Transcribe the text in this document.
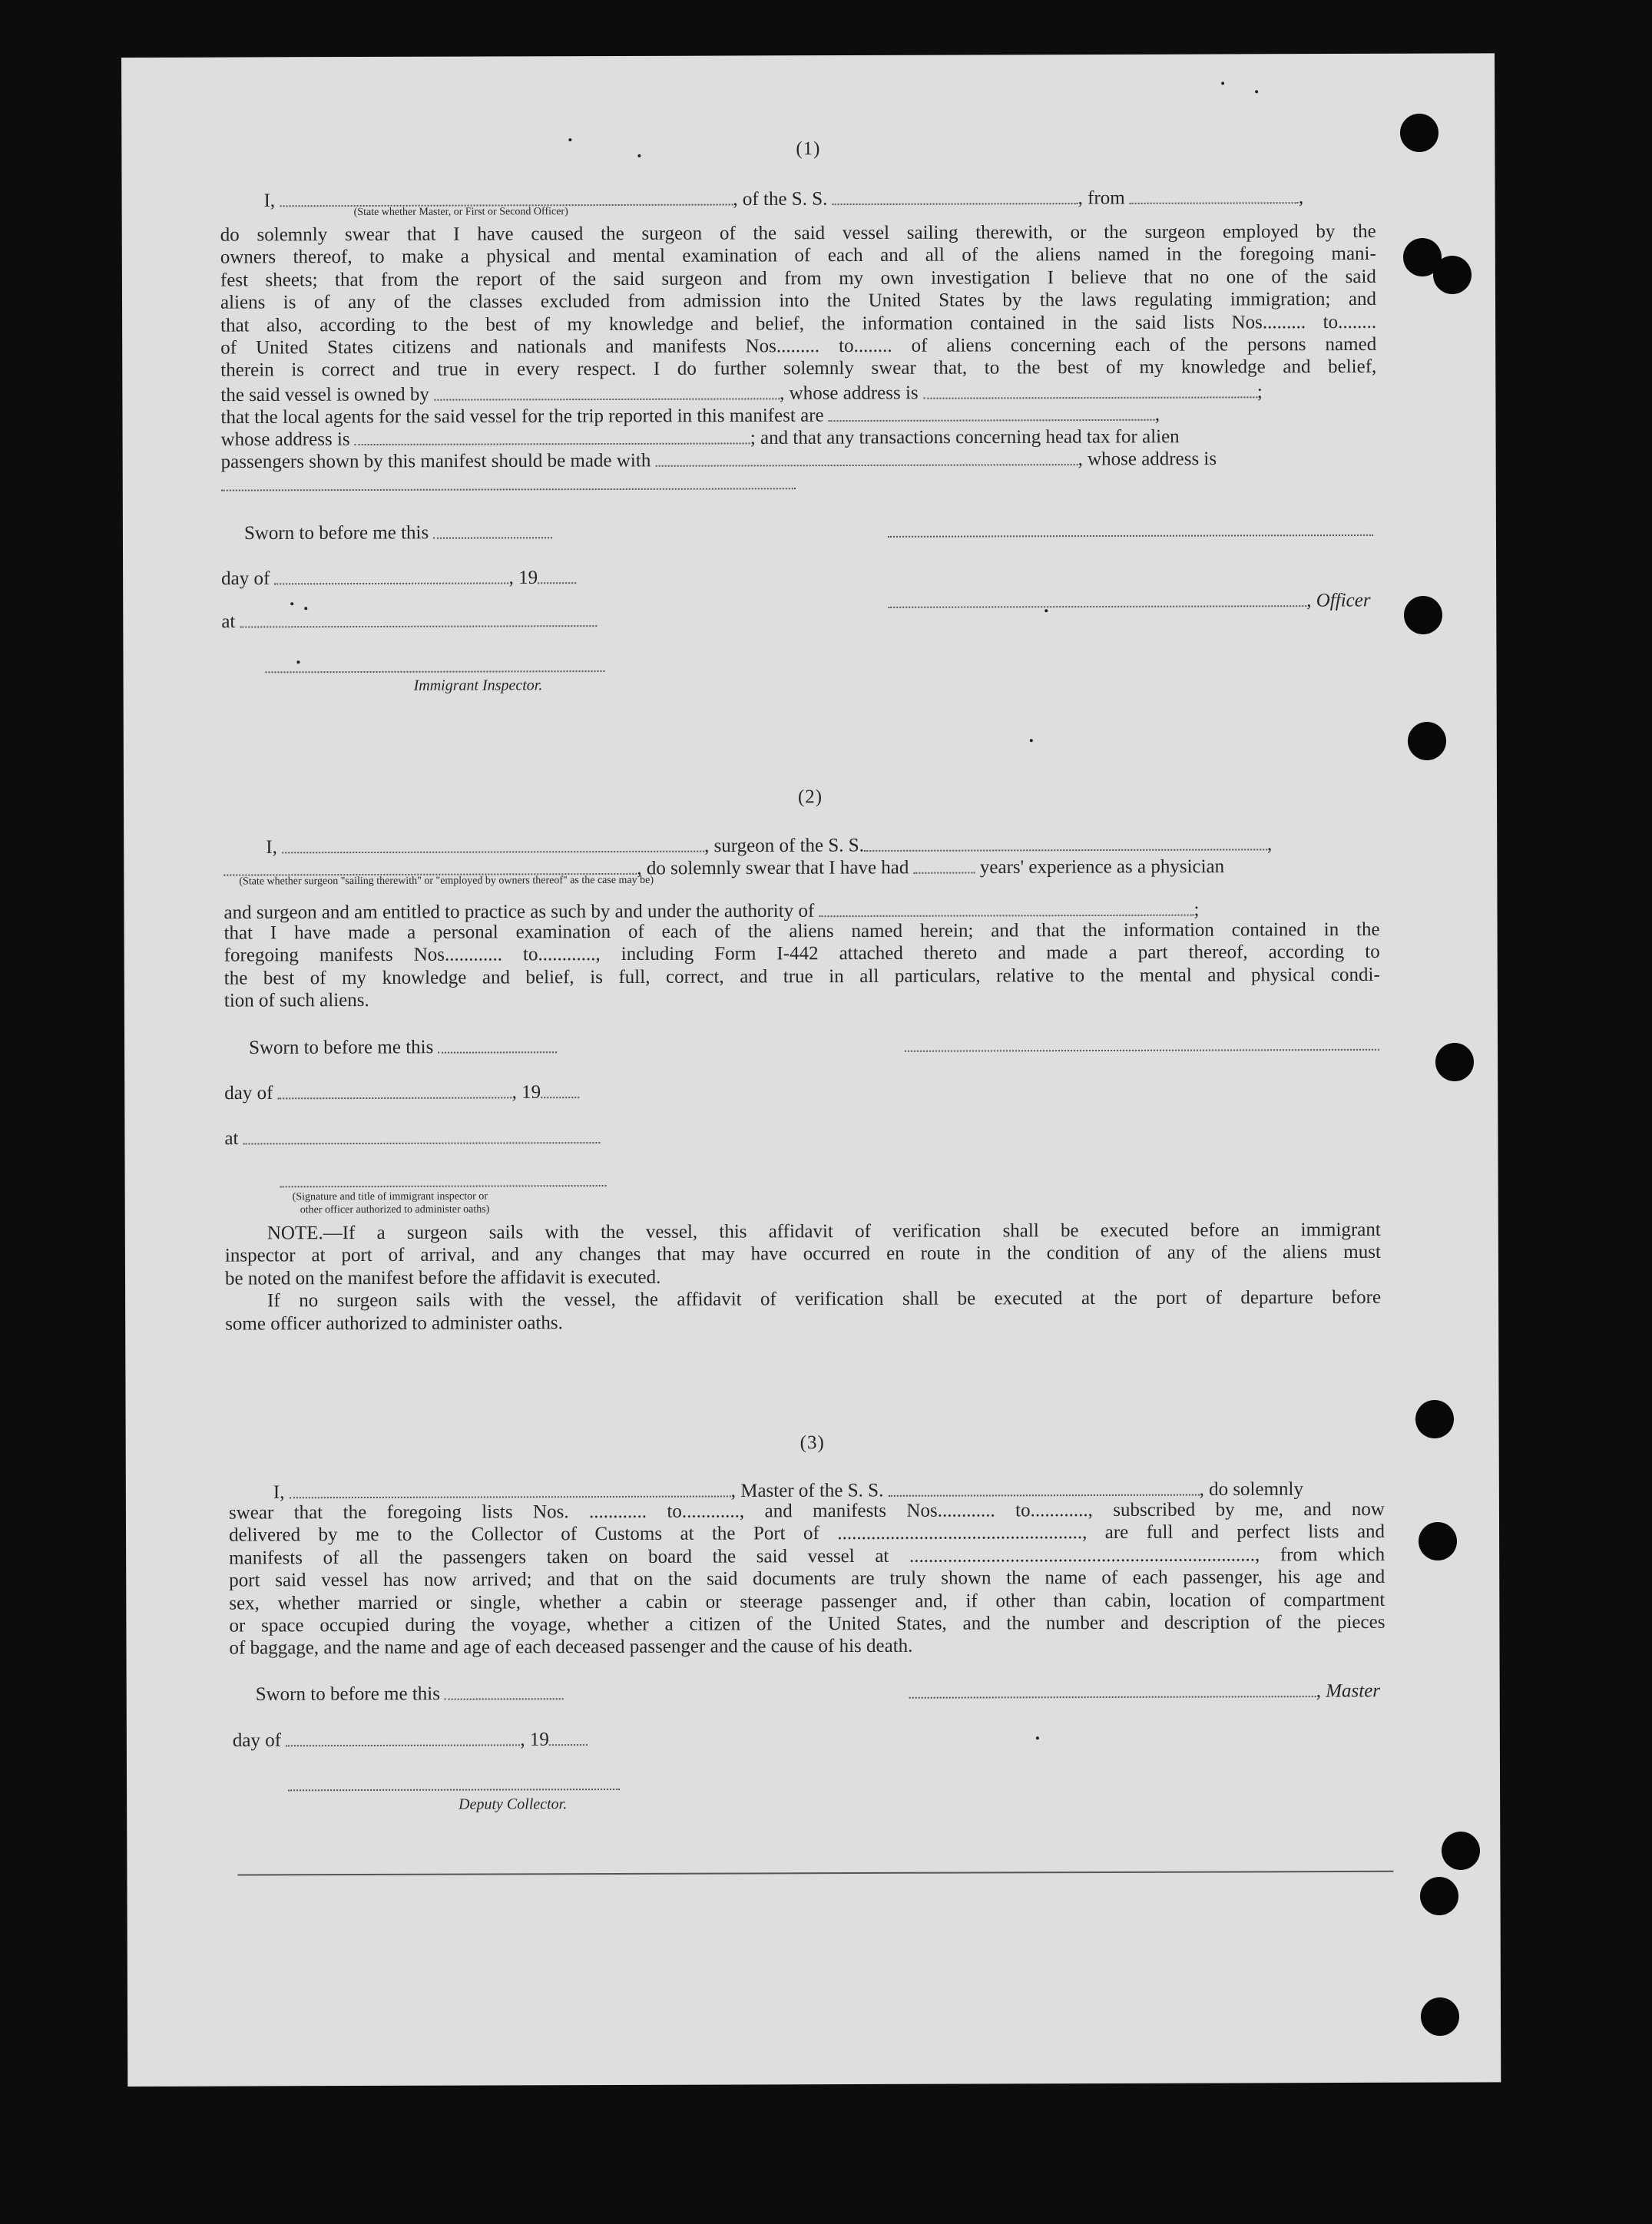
(1)
I,	, of the S. S.	, from	,
(State whether Master, or First or Second Officer)
do solemnly swear that I have caused the surgeon of the said vessel sailing therewith, or the surgeon employed by the
owners thereof, to make a physical and mental examination of each and all of the aliens named in the foregoing mani-
fest sheets; that from the report of the said surgeon and from my own investigation I believe that no one of the said
aliens is of any of the classes excluded from admission into the United States by the laws regulating immigration; and
that also, according to the best of my knowledge and belief, the information contained in the said lists Nos......... to........
of United States citizens and nationals and manifests Nos......... to........ of aliens concerning each of the persons named
therein is correct and true in every respect. I do further solemnly swear that, to the best of my knowledge and belief,
the said vessel is owned by	, whose address is	;
that the local agents for the said vessel for the trip reported in this manifest are	,
whose address is	; and that any transactions concerning head tax for alien
passengers shown by this manifest should be made with	, whose address is
Sworn to before me this
day of	, 19
, Officer
at
Immigrant Inspector.
(2)
I,	, surgeon of the S. S.	,
, do solemnly swear that I have had	years' experience as a physician
(State whether surgeon "sailing therewith" or "employed by owners thereof" as the case may be)
and surgeon and am entitled to practice as such by and under the authority of	;
that I have made a personal examination of each of the aliens named herein; and that the information contained in the
foregoing manifests Nos............ to............, including Form I-442 attached thereto and made a part thereof, according to
the best of my knowledge and belief, is full, correct, and true in all particulars, relative to the mental and physical condi-
tion of such aliens.
Sworn to before me this
day of	, 19
at
(Signature and title of immigrant inspector or
other officer authorized to administer oaths)
NOTE.—If a surgeon sails with the vessel, this affidavit of verification shall be executed before an immigrant
inspector at port of arrival, and any changes that may have occurred en route in the condition of any of the aliens must
be noted on the manifest before the affidavit is executed.
If no surgeon sails with the vessel, the affidavit of verification shall be executed at the port of departure before
some officer authorized to administer oaths.
(3)
I,	, Master of the S. S.	, do solemnly
swear that the foregoing lists Nos. ............ to............, and manifests Nos............ to............, subscribed by me, and now
delivered by me to the Collector of Customs at the Port of ..................................................., are full and perfect lists and
manifests of all the passengers taken on board the said vessel at ........................................................................, from which
port said vessel has now arrived; and that on the said documents are truly shown the name of each passenger, his age and
sex, whether married or single, whether a cabin or steerage passenger and, if other than cabin, location of compartment
or space occupied during the voyage, whether a citizen of the United States, and the number and description of the pieces
of baggage, and the name and age of each deceased passenger and the cause of his death.
Sworn to before me this	, Master
day of	, 19
Deputy Collector.
